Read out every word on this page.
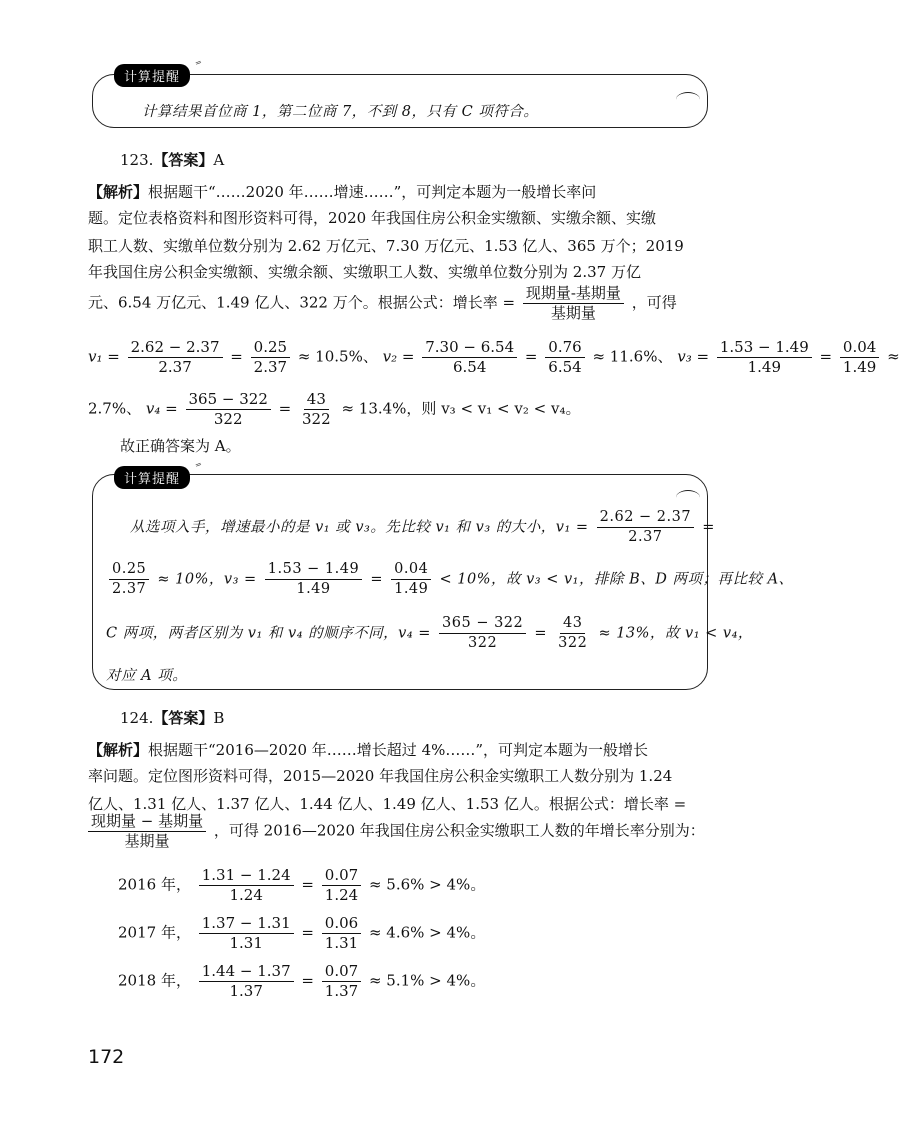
计算提醒
⁼
计算结果首位商 1，第二位商 7，不到 8，只有 C 项符合。
123.【答案】A
【解析】根据题干“……2020 年……增速……”，可判定本题为一般增长率问
题。定位表格资料和图形资料可得，2020 年我国住房公积金实缴额、实缴余额、实缴
职工人数、实缴单位数分别为 2.62 万亿元、7.30 万亿元、1.53 亿人、365 万个；2019
年我国住房公积金实缴额、实缴余额、实缴职工人数、实缴单位数分别为 2.37 万亿
元、6.54 万亿元、1.49 亿人、322 万个。根据公式：增长率 = $\frac{\text{现期量-基期量}}{\text{基期量}}$ ，可得
$v_1 = \frac{2.62 - 2.37}{2.37} = \frac{0.25}{2.37} \approx 10.5\%$、 $v_2 = \frac{7.30 - 6.54}{6.54} = \frac{0.76}{6.54} \approx 11.6\%$、 $v_3 = \frac{1.53 - 1.49}{1.49} = \frac{0.04}{1.49}$ ≈
2.7%、 $v_4 = \frac{365 - 322}{322} = \frac{43}{322} \approx 13.4\%$，则 v₃ < v₁ < v₂ < v₄。
故正确答案为 A。
计算提醒
⁼
从选项入手，增速最小的是 v₁ 或 v₃。先比较 v₁ 和 v₃ 的大小，$v_1 = \frac{2.62 - 2.37}{2.37}$ =
$\frac{0.25}{2.37} \approx 10\%$，$v_3 = \frac{1.53 - 1.49}{1.49} = \frac{0.04}{1.49} < 10\%$，故 v₃ < v₁，排除 B、D 两项；再比较 A、
C 两项，两者区别为 v₁ 和 v₄ 的顺序不同，$v_4 = \frac{365 - 322}{322} = \frac{43}{322} \approx 13\%$，故 v₁ < v₄，
对应 A 项。
124.【答案】B
【解析】根据题干“2016—2020 年……增长超过 4%……”，可判定本题为一般增长
率问题。定位图形资料可得，2015—2020 年我国住房公积金实缴职工人数分别为 1.24
亿人、1.31 亿人、1.37 亿人、1.44 亿人、1.49 亿人、1.53 亿人。根据公式：增长率 =
$\frac{\text{现期量 − 基期量}}{\text{基期量}}$ ，可得 2016—2020 年我国住房公积金实缴职工人数的年增长率分别为：
2016 年， $\frac{1.31 - 1.24}{1.24} = \frac{0.07}{1.24} \approx 5.6\% > 4\%$。
2017 年， $\frac{1.37 - 1.31}{1.31} = \frac{0.06}{1.31} \approx 4.6\% > 4\%$。
2018 年， $\frac{1.44 - 1.37}{1.37} = \frac{0.07}{1.37} \approx 5.1\% > 4\%$。
172
